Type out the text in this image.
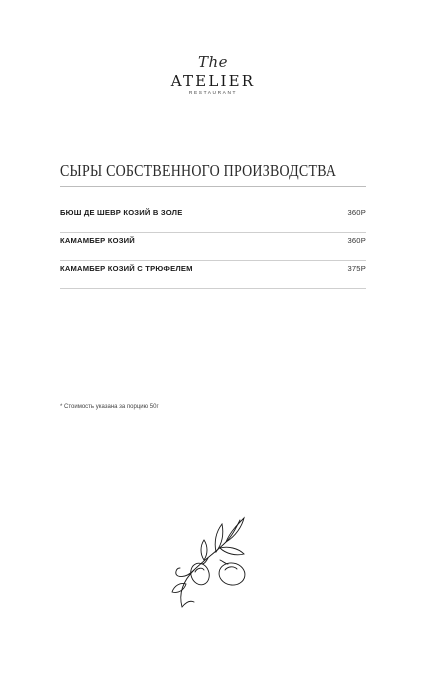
The
ATELIER
RESTAURANT
СЫРЫ СОБСТВЕННОГО ПРОИЗВОДСТВА
БЮШ ДЕ ШЕВР КОЗИЙ В ЗОЛЕ	360Р
КАМАМБЕР КОЗИЙ	360Р
КАМАМБЕР КОЗИЙ С ТРЮФЕЛЕМ	375Р
* Стоимость указана за порцию 50г
